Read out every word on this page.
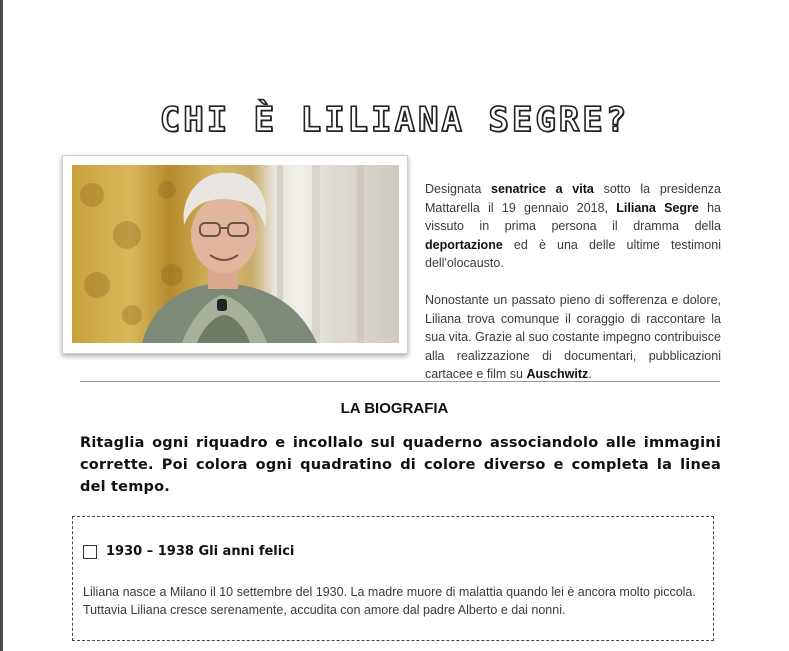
CHI È LILIANA SEGRE?

Designata senatrice a vita sotto la presidenza Mattarella il 19 gennaio 2018, Liliana Segre ha vissuto in prima persona il dramma della deportazione ed è una delle ultime testimoni dell'olocausto.

Nonostante un passato pieno di sofferenza e dolore, Liliana trova comunque il coraggio di raccontare la sua vita. Grazie al suo costante impegno contribuisce alla realizzazione di documentari, pubblicazioni cartacee e film su Auschwitz.

LA BIOGRAFIA
Ritaglia ogni riquadro e incollalo sul quaderno associandolo alle immagini corrette. Poi colora ogni quadratino di colore diverso e completa la linea del tempo.
1930 – 1938 Gli anni felici
Liliana nasce a Milano il 10 settembre del 1930. La madre muore di malattia quando lei è ancora molto piccola. Tuttavia Liliana cresce serenamente, accudita con amore dal padre Alberto e dai nonni.
